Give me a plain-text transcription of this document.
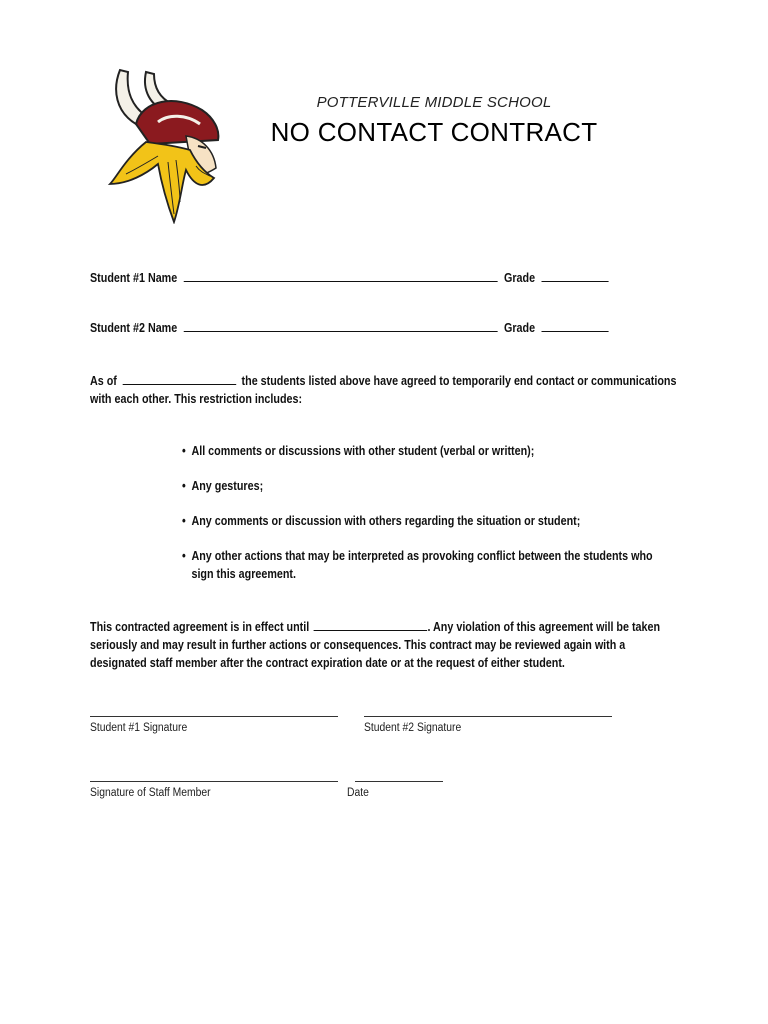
POTTERVILLE MIDDLE SCHOOL
NO CONTACT CONTRACT
Student #1 Name	Grade
Student #2 Name	Grade
As of	the students listed above have agreed to temporarily end contact or communications with each other. This restriction includes:
• All comments or discussions with other student (verbal or written);
• Any gestures;
• Any comments or discussion with others regarding the situation or student;
• Any other actions that may be interpreted as provoking conflict between the students who sign this agreement.
This contracted agreement is in effect until	. Any violation of this agreement will be taken seriously and may result in further actions or consequences. This contract may be reviewed again with a designated staff member after the contract expiration date or at the request of either student.
Student #1 Signature	Student #2 Signature
Signature of Staff Member	Date
